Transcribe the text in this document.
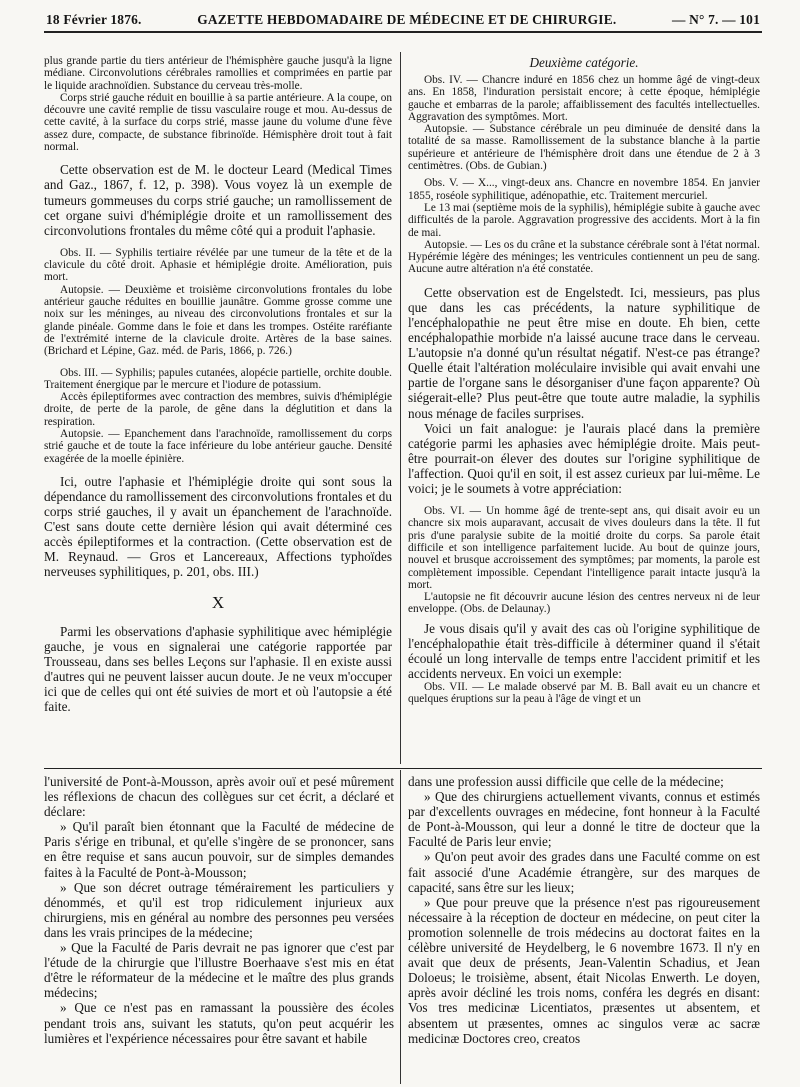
18 Février 1876.	GAZETTE HEBDOMADAIRE DE MÉDECINE ET DE CHIRURGIE.	— N° 7. — 101

plus grande partie du tiers antérieur de l'hémisphère gauche jusqu'à la ligne médiane. Circonvolutions cérébrales ramollies et comprimées en partie par le liquide arachnoïdien. Substance du cerveau très-molle.

Corps strié gauche réduit en bouillie à sa partie antérieure. A la coupe, on découvre une cavité remplie de tissu vasculaire rouge et mou. Au-dessus de cette cavité, à la surface du corps strié, masse jaune du volume d'une fève assez dure, compacte, de substance fibrinoïde. Hémisphère droit tout à fait normal.

Cette observation est de M. le docteur Leard (Medical Times and Gaz., 1867, f. 12, p. 398). Vous voyez là un exemple de tumeurs gommeuses du corps strié gauche; un ramollissement de cet organe suivi d'hémiplégie droite et un ramollissement des circonvolutions frontales du même côté qui a produit l'aphasie.

Obs. II. — Syphilis tertiaire révélée par une tumeur de la tête et de la clavicule du côté droit. Aphasie et hémiplégie droite. Amélioration, puis mort.

Autopsie. — Deuxième et troisième circonvolutions frontales du lobe antérieur gauche réduites en bouillie jaunâtre. Gomme grosse comme une noix sur les méninges, au niveau des circonvolutions frontales et sur la glande pinéale. Gomme dans le foie et dans les trompes. Ostéite raréfiante de l'extrémité interne de la clavicule droite. Artères de la base saines. (Brichard et Lépine, Gaz. méd. de Paris, 1866, p. 726.)

Obs. III. — Syphilis; papules cutanées, alopécie partielle, orchite double. Traitement énergique par le mercure et l'iodure de potassium.

Accès épileptiformes avec contraction des membres, suivis d'hémiplégie droite, de perte de la parole, de gêne dans la déglutition et dans la respiration.

Autopsie. — Epanchement dans l'arachnoïde, ramollissement du corps strié gauche et de toute la face inférieure du lobe antérieur gauche. Densité exagérée de la moelle épinière.

Ici, outre l'aphasie et l'hémiplégie droite qui sont sous la dépendance du ramollissement des circonvolutions frontales et du corps strié gauches, il y avait un épanchement de l'arachnoïde. C'est sans doute cette dernière lésion qui avait déterminé ces accès épileptiformes et la contraction. (Cette observation est de M. Reynaud. — Gros et Lancereaux, Affections typhoïdes nerveuses syphilitiques, p. 201, obs. III.)

X

Parmi les observations d'aphasie syphilitique avec hémiplégie gauche, je vous en signalerai une catégorie rapportée par Trousseau, dans ses belles Leçons sur l'aphasie. Il en existe aussi d'autres qui ne peuvent laisser aucun doute. Je ne veux m'occuper ici que de celles qui ont été suivies de mort et où l'autopsie a été faite.

Deuxième catégorie.

Obs. IV. — Chancre induré en 1856 chez un homme âgé de vingt-deux ans. En 1858, l'induration persistait encore; à cette époque, hémiplégie gauche et embarras de la parole; affaiblissement des facultés intellectuelles. Aggravation des symptômes. Mort.

Autopsie. — Substance cérébrale un peu diminuée de densité dans la totalité de sa masse. Ramollissement de la substance blanche à la partie supérieure et antérieure de l'hémisphère droit dans une étendue de 2 à 3 centimètres. (Obs. de Gubian.)

Obs. V. — X..., vingt-deux ans. Chancre en novembre 1854. En janvier 1855, roséole syphilitique, adénopathie, etc. Traitement mercuriel.

Le 13 mai (septième mois de la syphilis), hémiplégie subite à gauche avec difficultés de la parole. Aggravation progressive des accidents. Mort à la fin de mai.

Autopsie. — Les os du crâne et la substance cérébrale sont à l'état normal. Hypérémie légère des méninges; les ventricules contiennent un peu de sang. Aucune autre altération n'a été constatée.

Cette observation est de Engelstedt. Ici, messieurs, pas plus que dans les cas précédents, la nature syphilitique de l'encéphalopathie ne peut être mise en doute. Eh bien, cette encéphalopathie morbide n'a laissé aucune trace dans le cerveau. L'autopsie n'a donné qu'un résultat négatif. N'est-ce pas étrange? Quelle était l'altération moléculaire invisible qui avait envahi une partie de l'organe sans le désorganiser d'une façon apparente? Où siégerait-elle? Plus peut-être que toute autre maladie, la syphilis nous ménage de faciles surprises.

Voici un fait analogue: je l'aurais placé dans la première catégorie parmi les aphasies avec hémiplégie droite. Mais peut-être pourrait-on élever des doutes sur l'origine syphilitique de l'affection. Quoi qu'il en soit, il est assez curieux par lui-même. Le voici; je le soumets à votre appréciation:

Obs. VI. — Un homme âgé de trente-sept ans, qui disait avoir eu un chancre six mois auparavant, accusait de vives douleurs dans la tête. Il fut pris d'une paralysie subite de la moitié droite du corps. Sa parole était difficile et son intelligence parfaitement lucide. Au bout de quinze jours, nouvel et brusque accroissement des symptômes; par moments, la parole est complètement impossible. Cependant l'intelligence parait intacte jusqu'à la mort.

L'autopsie ne fit découvrir aucune lésion des centres nerveux ni de leur enveloppe. (Obs. de Delaunay.)

Je vous disais qu'il y avait des cas où l'origine syphilitique de l'encéphalopathie était très-difficile à déterminer quand il s'était écoulé un long intervalle de temps entre l'accident primitif et les accidents nerveux. En voici un exemple:

Obs. VII. — Le malade observé par M. B. Ball avait eu un chancre et quelques éruptions sur la peau à l'âge de vingt et un

l'université de Pont-à-Mousson, après avoir ouï et pesé mûrement les réflexions de chacun des collègues sur cet écrit, a déclaré et déclare:

» Qu'il paraît bien étonnant que la Faculté de médecine de Paris s'érige en tribunal, et qu'elle s'ingère de se prononcer, sans en être requise et sans aucun pouvoir, sur de simples demandes faites à la Faculté de Pont-à-Mousson;

» Que son décret outrage témérairement les particuliers y dénommés, et qu'il est trop ridiculement injurieux aux chirurgiens, mis en général au nombre des personnes peu versées dans les vrais principes de la médecine;

» Que la Faculté de Paris devrait ne pas ignorer que c'est par l'étude de la chirurgie que l'illustre Boerhaave s'est mis en état d'être le réformateur de la médecine et le maître des plus grands médecins;

» Que ce n'est pas en ramassant la poussière des écoles pendant trois ans, suivant les statuts, qu'on peut acquérir les lumières et l'expérience nécessaires pour être savant et habile

dans une profession aussi difficile que celle de la médecine;

» Que des chirurgiens actuellement vivants, connus et estimés par d'excellents ouvrages en médecine, font honneur à la Faculté de Pont-à-Mousson, qui leur a donné le titre de docteur que la Faculté de Paris leur envie;

» Qu'on peut avoir des grades dans une Faculté comme on est fait associé d'une Académie étrangère, sur des marques de capacité, sans être sur les lieux;

» Que pour preuve que la présence n'est pas rigoureusement nécessaire à la réception de docteur en médecine, on peut citer la promotion solennelle de trois médecins au doctorat faites en la célèbre université de Heydelberg, le 6 novembre 1673. Il n'y en avait que deux de présents, Jean-Valentin Schadius, et Jean Doloeus; le troisième, absent, était Nicolas Enwerth. Le doyen, après avoir décliné les trois noms, conféra les degrés en disant: Vos tres medicinæ Licentiatos, præsentes ut absentem, et absentem ut præsentes, omnes ac singulos veræ ac sacræ medicinæ Doctores creo, creatos
